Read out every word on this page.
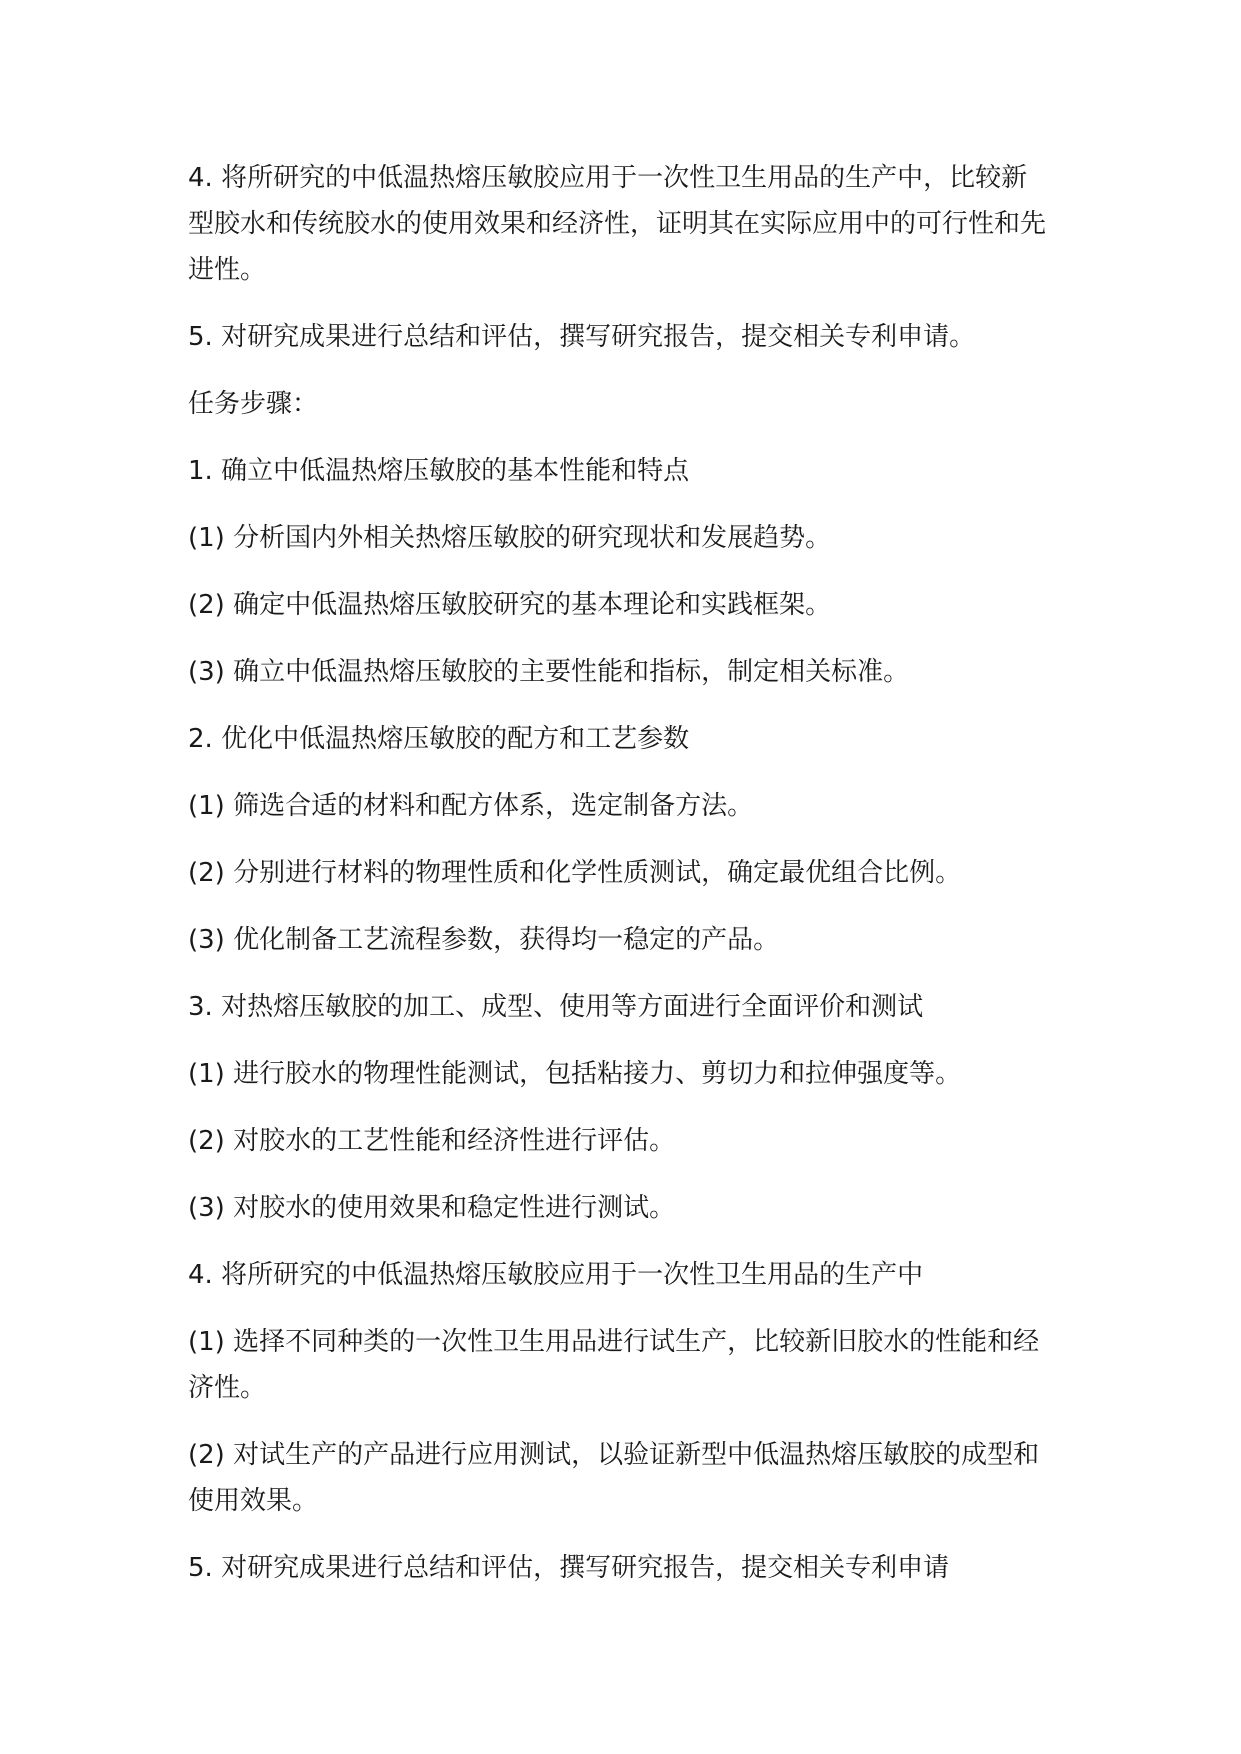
4. 将所研究的中低温热熔压敏胶应用于一次性卫生用品的生产中，比较新型胶水和传统胶水的使用效果和经济性，证明其在实际应用中的可行性和先进性。

5. 对研究成果进行总结和评估，撰写研究报告，提交相关专利申请。

任务步骤：

1. 确立中低温热熔压敏胶的基本性能和特点

(1) 分析国内外相关热熔压敏胶的研究现状和发展趋势。

(2) 确定中低温热熔压敏胶研究的基本理论和实践框架。

(3) 确立中低温热熔压敏胶的主要性能和指标，制定相关标准。

2. 优化中低温热熔压敏胶的配方和工艺参数

(1) 筛选合适的材料和配方体系，选定制备方法。

(2) 分别进行材料的物理性质和化学性质测试，确定最优组合比例。

(3) 优化制备工艺流程参数，获得均一稳定的产品。

3. 对热熔压敏胶的加工、成型、使用等方面进行全面评价和测试

(1) 进行胶水的物理性能测试，包括粘接力、剪切力和拉伸强度等。

(2) 对胶水的工艺性能和经济性进行评估。

(3) 对胶水的使用效果和稳定性进行测试。

4. 将所研究的中低温热熔压敏胶应用于一次性卫生用品的生产中

(1) 选择不同种类的一次性卫生用品进行试生产，比较新旧胶水的性能和经济性。

(2) 对试生产的产品进行应用测试，以验证新型中低温热熔压敏胶的成型和使用效果。

5. 对研究成果进行总结和评估，撰写研究报告，提交相关专利申请
